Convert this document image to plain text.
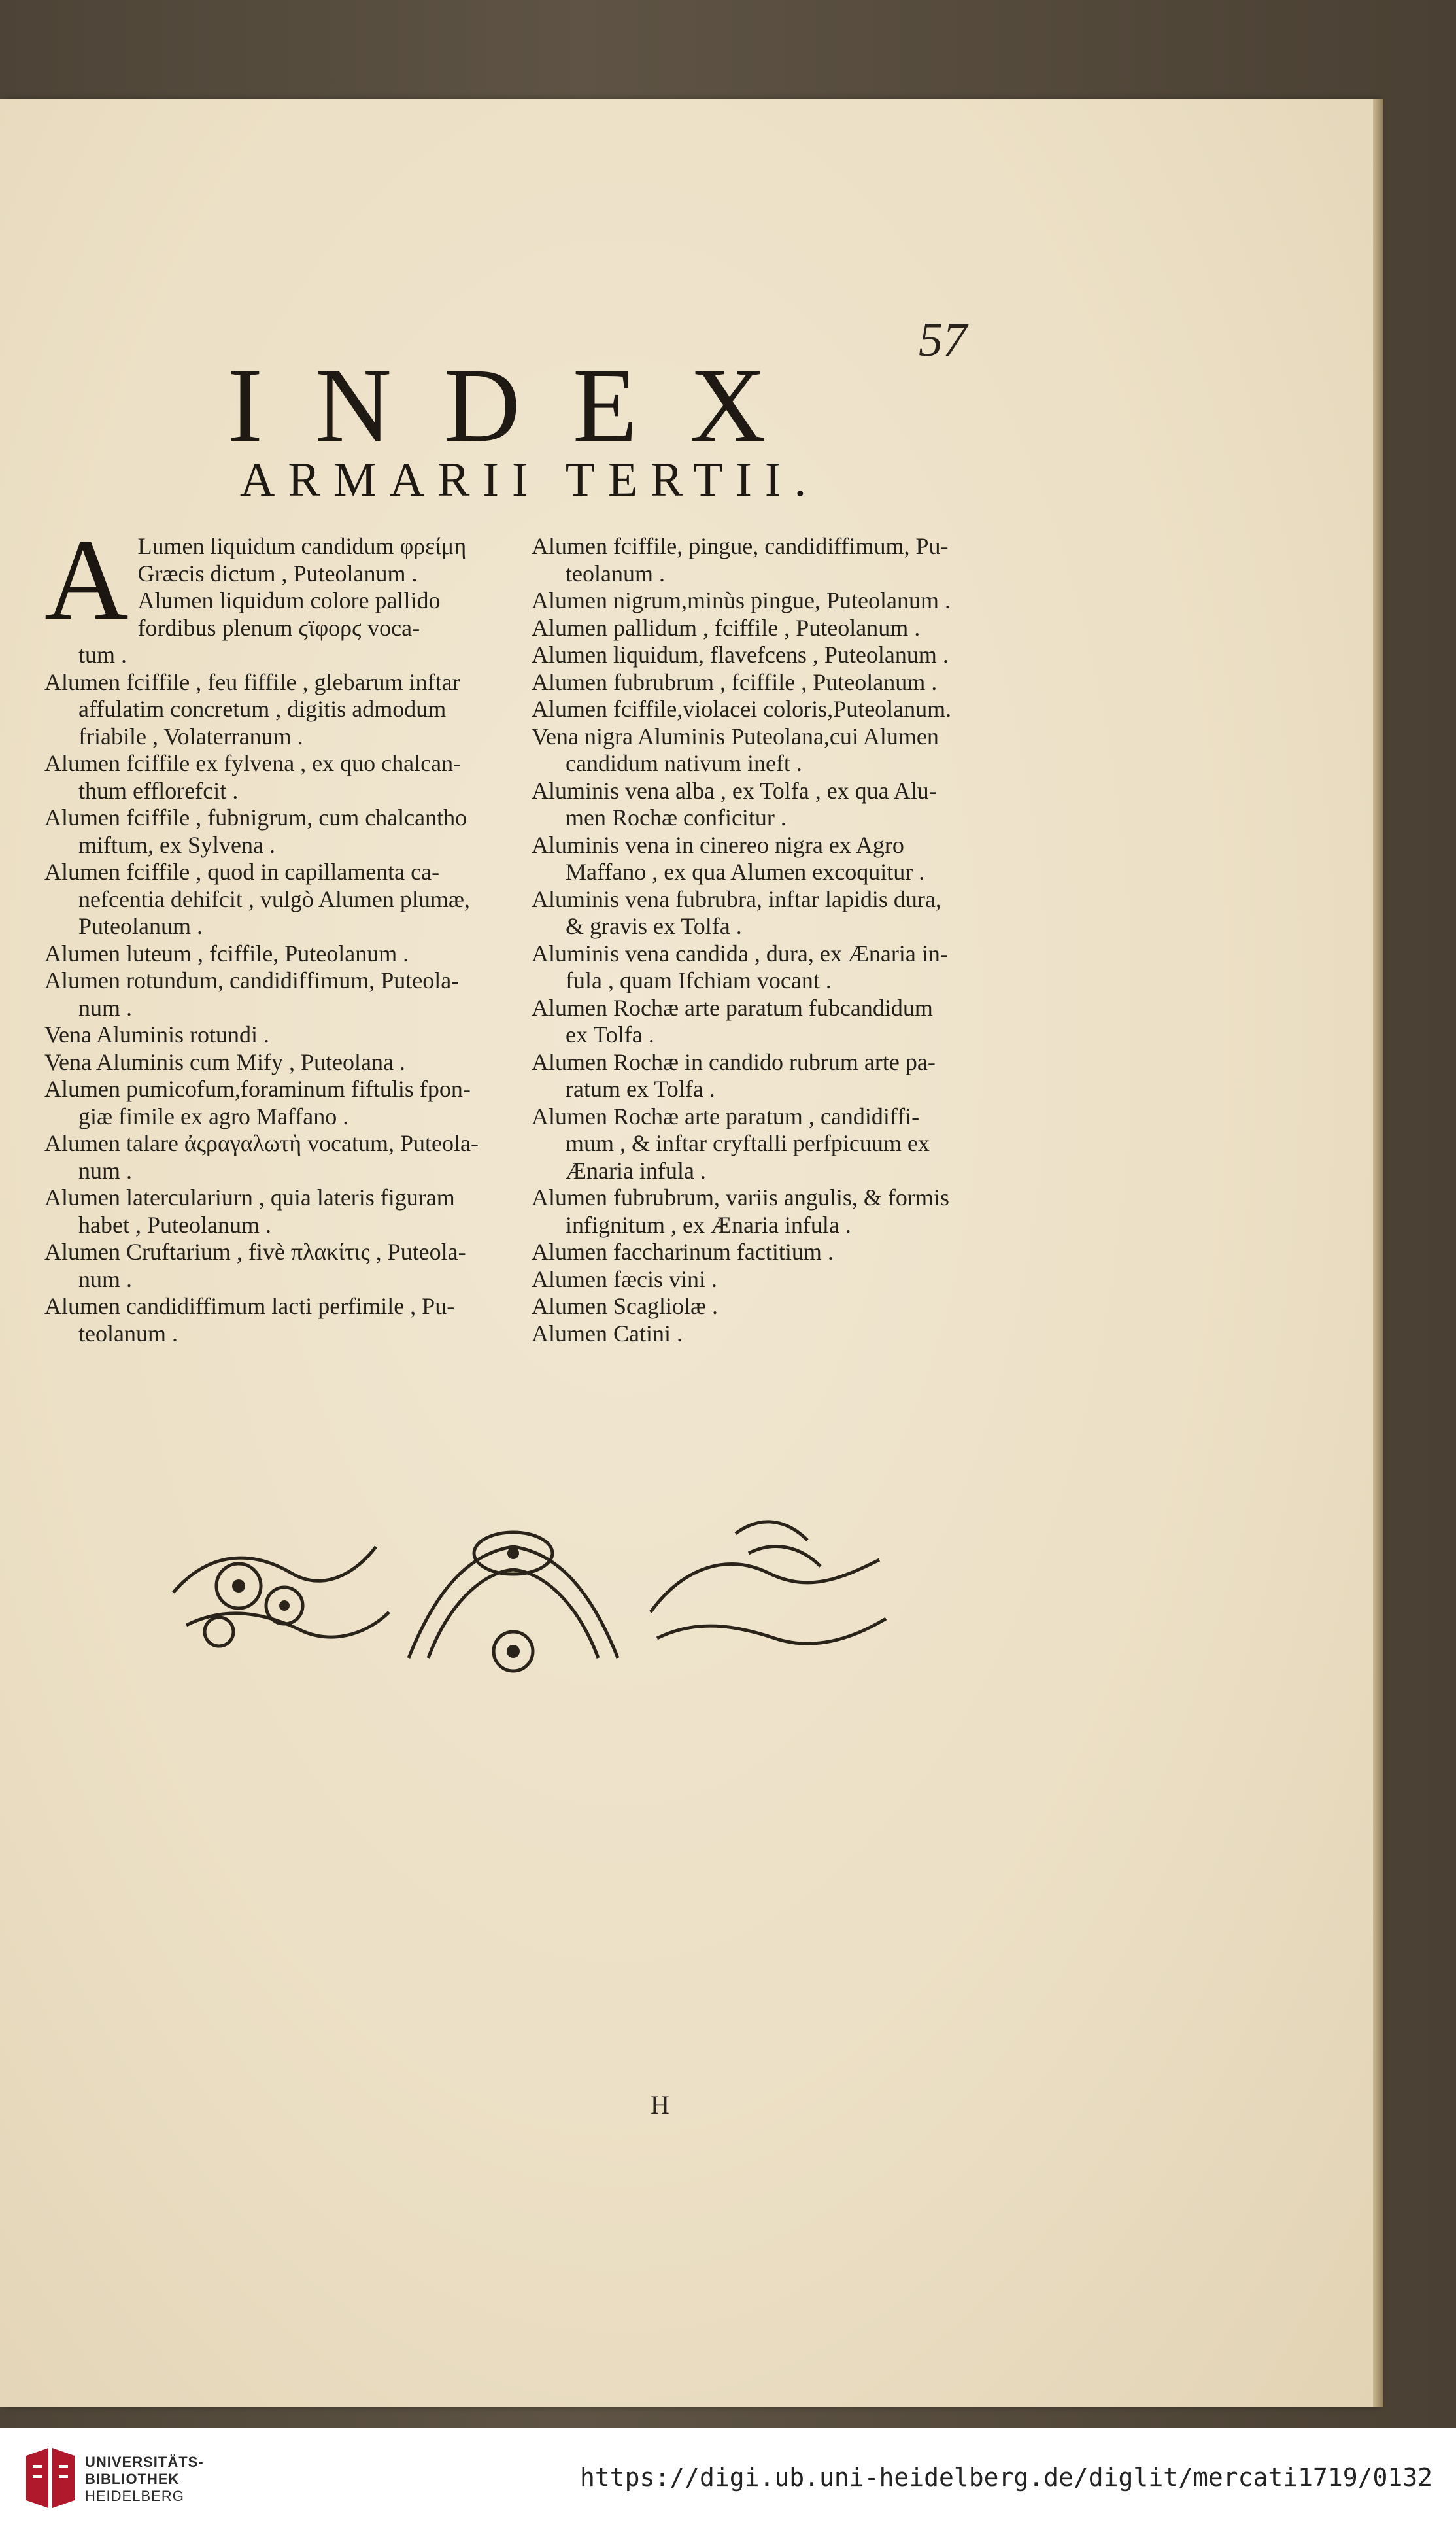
57
INDEX
ARMARII TERTII.
A Lumen liquidum candidum φρείμη
Græcis dictum , Puteolanum .
Alumen liquidum colore pallido
fordibus plenum ϛϊφορϛ voca-
tum .
Alumen fciffile , feu fiffile , glebarum inftar
affulatim concretum , digitis admodum
friabile , Volaterranum .
Alumen fciffile ex fylvena , ex quo chalcan-
thum efflorefcit .
Alumen fciffile , fubnigrum, cum chalcantho
miftum, ex Sylvena .
Alumen fciffile , quod in capillamenta ca-
nefcentia dehifcit , vulgò Alumen plumæ,
Puteolanum .
Alumen luteum , fciffile, Puteolanum .
Alumen rotundum, candidiffimum, Puteola-
num .
Vena Aluminis rotundi .
Vena Aluminis cum Mify , Puteolana .
Alumen pumicofum,foraminum fiftulis fpon-
giæ fimile ex agro Maffano .
Alumen talare ἀςραγαλωτὴ vocatum, Puteola-
num .
Alumen laterculariurn , quia lateris figuram
habet , Puteolanum .
Alumen Cruftarium , fivè πλακίτις , Puteola-
num .
Alumen candidiffimum lacti perfimile , Pu-
teolanum .
Alumen fciffile, pingue, candidiffimum, Pu-
teolanum .
Alumen nigrum,minùs pingue, Puteolanum .
Alumen pallidum , fciffile , Puteolanum .
Alumen liquidum, flavefcens , Puteolanum .
Alumen fubrubrum , fciffile , Puteolanum .
Alumen fciffile,violacei coloris,Puteolanum.
Vena nigra Aluminis Puteolana,cui Alumen
candidum nativum ineft .
Aluminis vena alba , ex Tolfa , ex qua Alu-
men Rochæ conficitur .
Aluminis vena in cinereo nigra ex Agro
Maffano , ex qua Alumen excoquitur .
Aluminis vena fubrubra, inftar lapidis dura,
& gravis ex Tolfa .
Aluminis vena candida , dura, ex Ænaria in-
fula , quam Ifchiam vocant .
Alumen Rochæ arte paratum fubcandidum
ex Tolfa .
Alumen Rochæ in candido rubrum arte pa-
ratum ex Tolfa .
Alumen Rochæ arte paratum , candidiffi-
mum , & inftar cryftalli perfpicuum ex
Ænaria infula .
Alumen fubrubrum, variis angulis, & formis
infignitum , ex Ænaria infula .
Alumen faccharinum factitium .
Alumen fæcis vini .
Alumen Scagliolæ .
Alumen Catini .
H
UNIVERSITÄTS-
BIBLIOTHEK
HEIDELBERG
https://digi.ub.uni-heidelberg.de/diglit/mercati1719/0132
